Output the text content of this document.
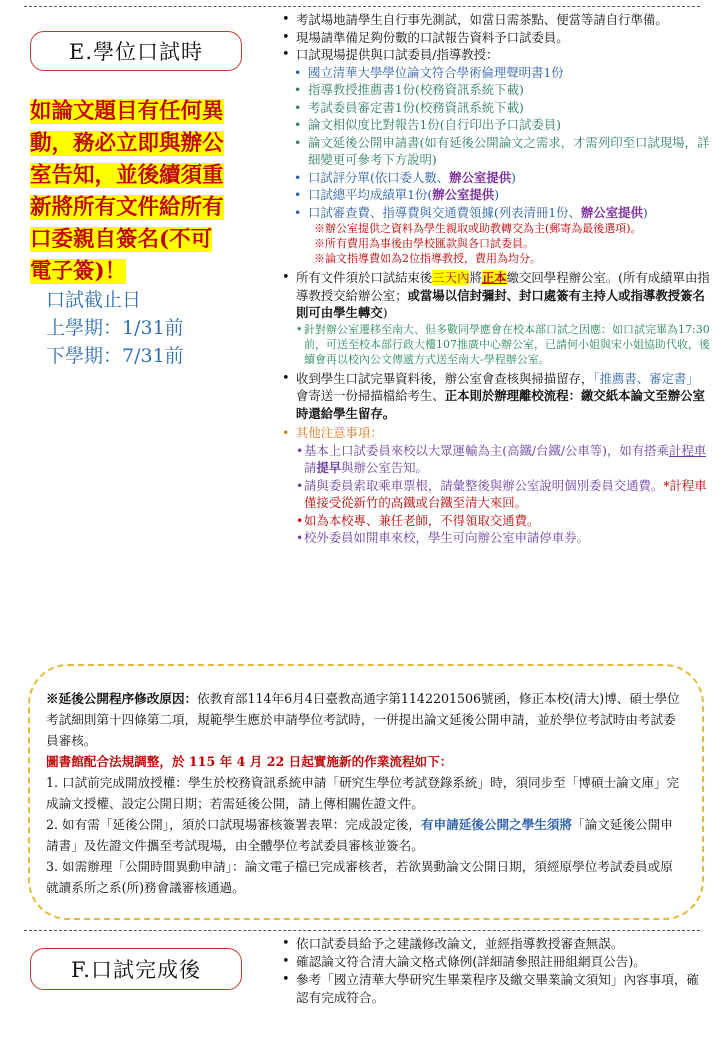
E.學位口試時
如論文題目有任何異
動，務必立即與辦公
室告知，並後續須重
新將所有文件給所有
口委親自簽名(不可
電子簽)！
口試截止日
上學期：1/31前
下學期：7/31前
• 考試場地請學生自行事先測試，如當日需茶點、便當等請自行準備。
• 現場請準備足夠份數的口試報告資料予口試委員。
• 口試現場提供與口試委員/指導教授：
• 國立清華大學學位論文符合學術倫理聲明書1份
• 指導教授推薦書1份(校務資訊系統下載)
• 考試委員審定書1份(校務資訊系統下載)
• 論文相似度比對報告1份(自行印出予口試委員)
• 論文延後公開申請書(如有延後公開論文之需求，才需列印至口試現場，詳細變更可參考下方說明)
• 口試評分單(依口委人數、辦公室提供)
• 口試總平均成績單1份(辦公室提供)
• 口試審查費、指導費與交通費領據(列表清冊1份、辦公室提供)
※辦公室提供之資料為學生親取或助教轉交為主(郵寄為最後選項)。
※所有費用為事後由學校匯款與各口試委員。
※論文指導費如為2位指導教授，費用為均分。
• 所有文件須於口試結束後三天內將正本繳交回學程辦公室。(所有成績單由指導教授交給辦公室；或當場以信封彌封、封口處簽有主持人或指導教授簽名則可由學生轉交)
• 針對辦公室遷移至南大、但多數同學應會在校本部口試之因應：如口試完畢為17:30前，可送至校本部行政大樓107推廣中心辦公室，已請何小姐與宋小姐協助代收，後續會再以校內公文傳遞方式送至南大-學程辦公室。
• 收到學生口試完畢資料後，辦公室會查核與掃描留存，「推薦書、審定書」會寄送一份掃描檔給考生、正本則於辦理離校流程：繳交紙本論文至辦公室時還給學生留存。
• 其他注意事項：
• 基本上口試委員來校以大眾運輸為主(高鐵/台鐵/公車等)，如有搭乘計程車請提早與辦公室告知。
• 請與委員索取乘車票根，請彙整後與辦公室說明個別委員交通費。*計程車僅接受從新竹的高鐵或台鐵至清大來回。
• 如為本校專、兼任老師，不得領取交通費。
• 校外委員如開車來校，學生可向辦公室申請停車券。
※延後公開程序修改原因：依教育部114年6月4日臺教高通字第1142201506號函，修正本校(清大)博、碩士學位考試細則第十四條第二項，規範學生應於申請學位考試時，一併提出論文延後公開申請，並於學位考試時由考試委員審核。
圖書館配合法規調整，於 115 年 4 月 22 日起實施新的作業流程如下：
1. 口試前完成開放授權：學生於校務資訊系統申請「研究生學位考試登錄系統」時，須同步至「博碩士論文庫」完成論文授權、設定公開日期；若需延後公開，請上傳相關佐證文件。
2. 如有需「延後公開」，須於口試現場審核簽署表單：完成設定後，有申請延後公開之學生須將「論文延後公開申請書」及佐證文件攜至考試現場，由全體學位考試委員審核並簽名。
3. 如需辦理「公開時間異動申請」：論文電子檔已完成審核者，若欲異動論文公開日期，須經原學位考試委員或原就讀系所之系(所)務會議審核通過。
F.口試完成後
• 依口試委員給予之建議修改論文，並經指導教授審查無誤。
• 確認論文符合清大論文格式條例(詳細請參照註冊組網頁公告)。
• 參考「國立清華大學研究生畢業程序及繳交畢業論文須知」內容事項，確認有完成符合。
